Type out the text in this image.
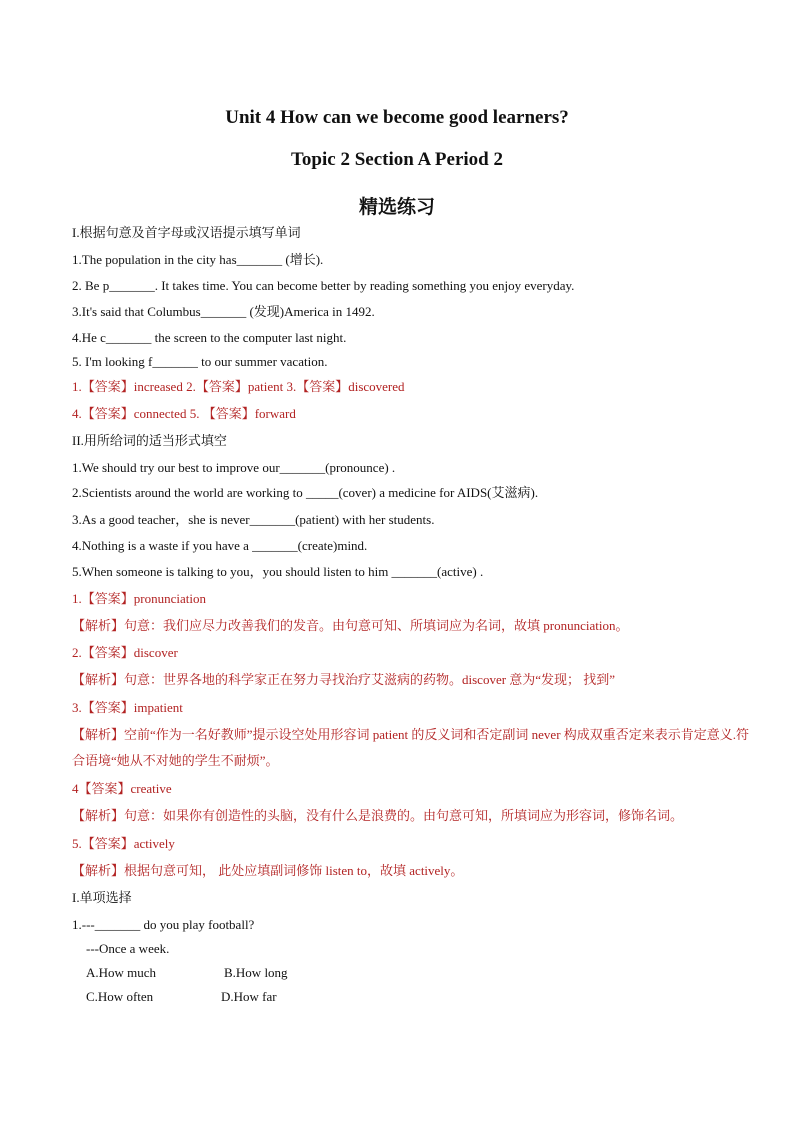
Unit 4 How can we become good learners?
Topic 2 Section A Period 2
精选练习
I.根据句意及首字母或汉语提示填写单词
1.The population in the city has_______ (增长).
2. Be p_______. It takes time. You can become better by reading something you enjoy everyday.
3.It's said that Columbus_______ (发现)America in 1492.
4.He c_______ the screen to the computer last night.
5. I'm looking f_______ to our summer vacation.
1.【答案】increased 2.【答案】patient 3.【答案】discovered
4.【答案】connected 5. 【答案】forward
II.用所给词的适当形式填空
1.We should try our best to improve our_______(pronounce) .
2.Scientists around the world are working to _____(cover) a medicine for AIDS(艾滋病).
3.As a good teacher，she is never_______(patient) with her students.
4.Nothing is a waste if you have a _______(create)mind.
5.When someone is talking to you，you should listen to him _______(active) .
1.【答案】pronunciation
【解析】句意：我们应尽力改善我们的发音。由句意可知、所填词应为名词，故填 pronunciation。
2.【答案】discover
【解析】句意：世界各地的科学家正在努力寻找治疗艾滋病的药物。discover 意为“发现； 找到”
3.【答案】impatient
【解析】空前“作为一名好教师”提示设空处用形容词 patient 的反义词和否定副词 never 构成双重否定来表示肯定意义.符合语境“她从不对她的学生不耐烦”。
4【答案】creative
【解析】句意：如果你有创造性的头脑，没有什么是浪费的。由句意可知，所填词应为形容词，修饰名词。
5.【答案】actively
【解析】根据句意可知， 此处应填副词修饰 listen to，故填 actively。
I.单项选择
1.---_______ do you play football?
---Once a week.
A.How much	B.How long
C.How often	D.How far
